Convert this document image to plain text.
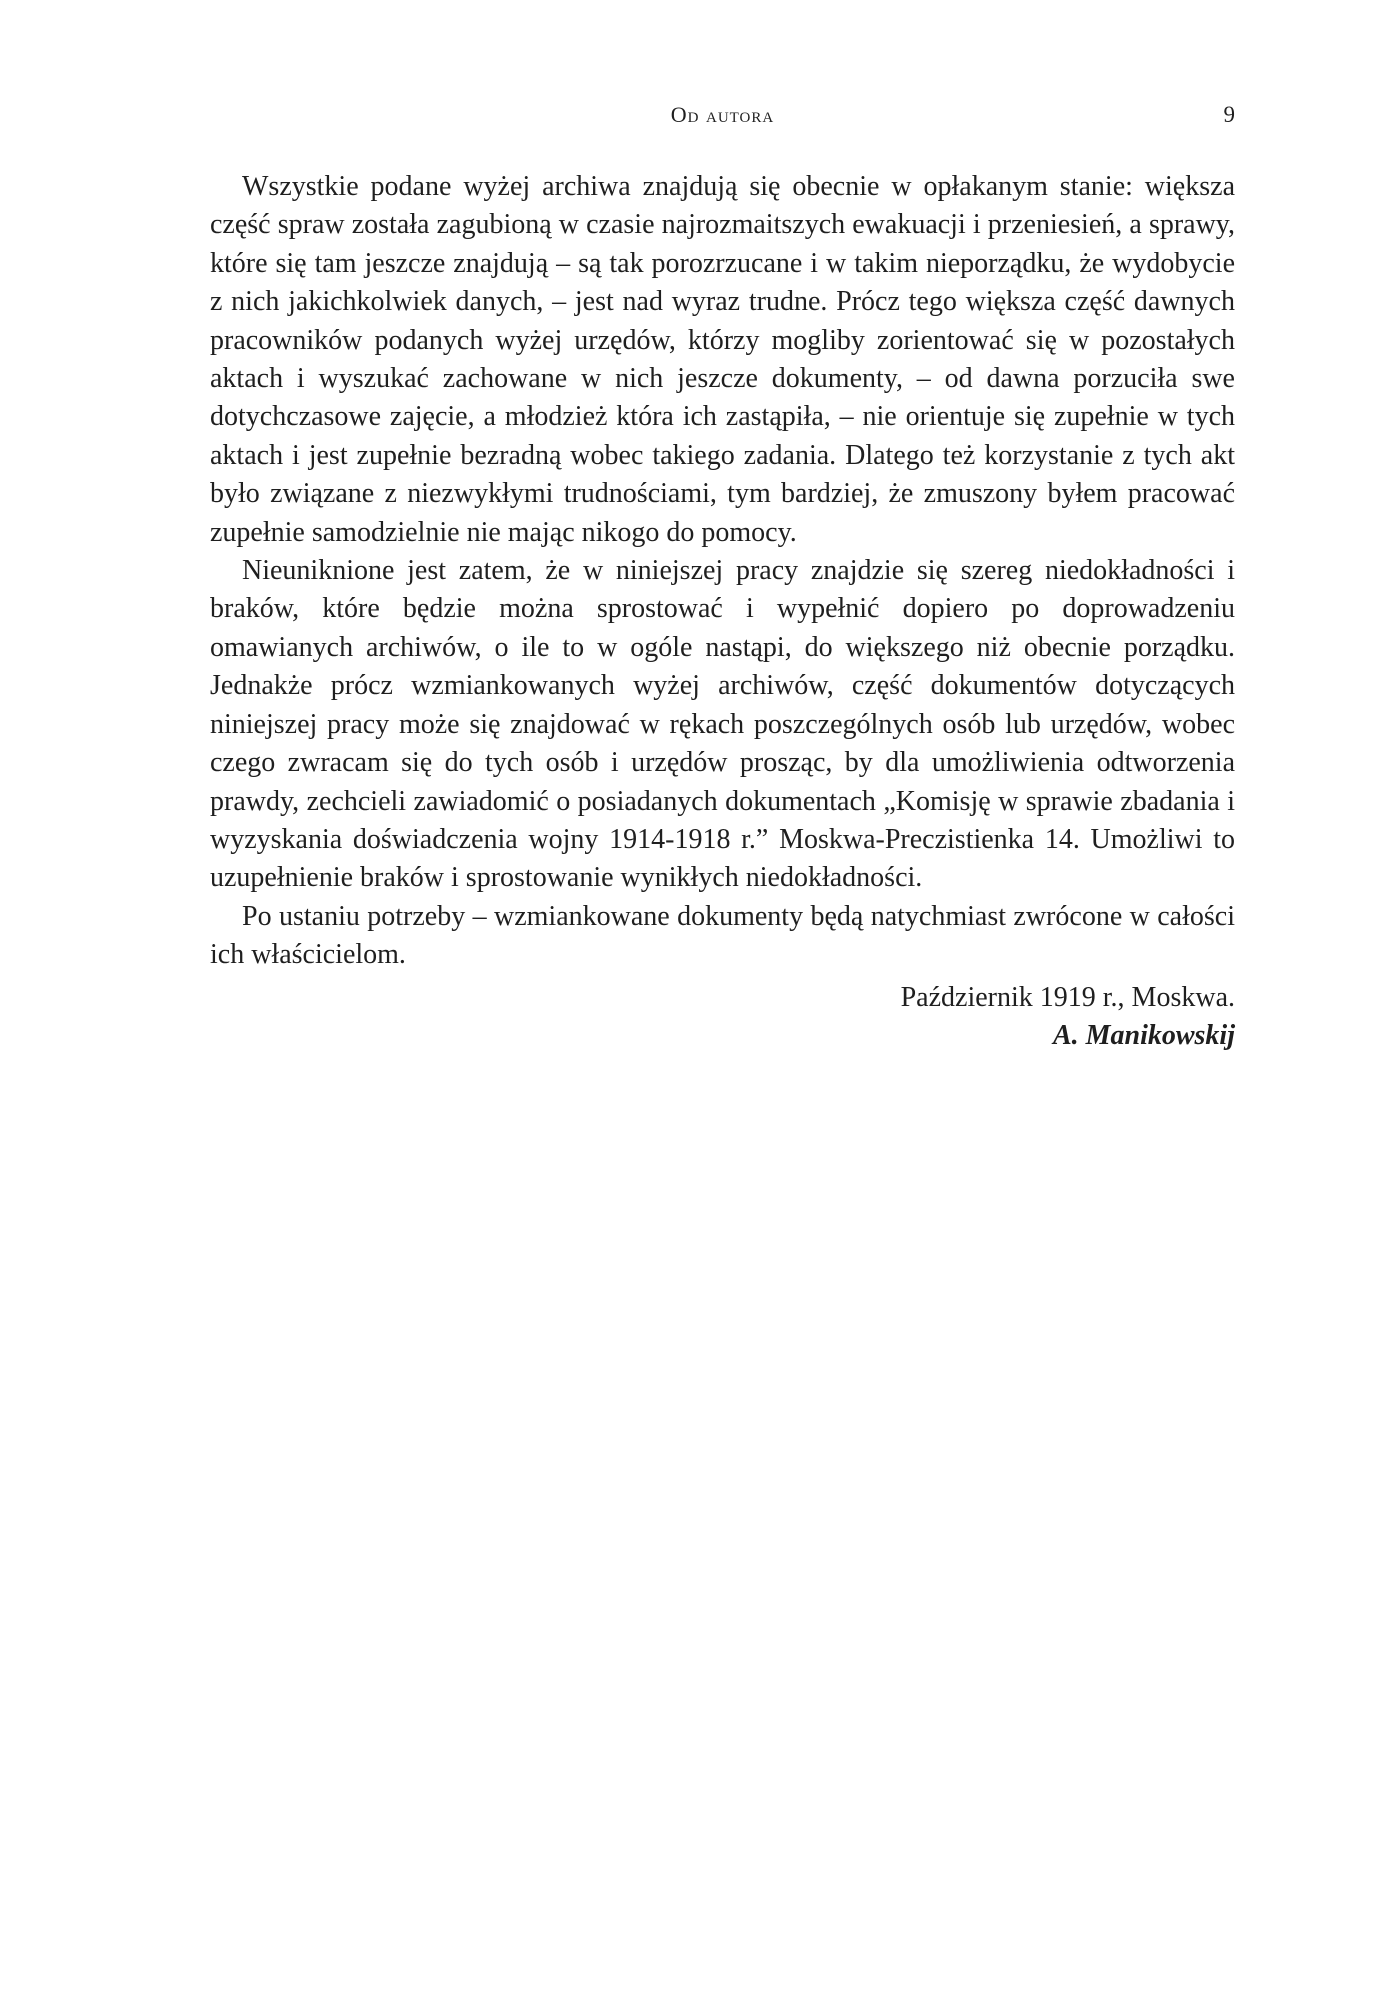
Od autora	9

Wszystkie podane wyżej archiwa znajdują się obecnie w opłakanym stanie: większa część spraw została zagubioną w czasie najrozmaitszych ewakuacji i przeniesień, a sprawy, które się tam jeszcze znajdują – są tak porozrzucane i w takim nieporządku, że wydobycie z nich jakichkolwiek danych, – jest nad wyraz trudne. Prócz tego większa część dawnych pracowników podanych wyżej urzędów, którzy mogliby zorientować się w pozostałych aktach i wyszukać zachowane w nich jeszcze dokumenty, – od dawna porzuciła swe dotychczasowe zajęcie, a młodzież która ich zastąpiła, – nie orientuje się zupełnie w tych aktach i jest zupełnie bezradną wobec takiego zadania. Dlatego też korzystanie z tych akt było związane z niezwykłymi trudnościami, tym bardziej, że zmuszony byłem pracować zupełnie samodzielnie nie mając nikogo do pomocy.

Nieuniknione jest zatem, że w niniejszej pracy znajdzie się szereg niedokładności i braków, które będzie można sprostować i wypełnić dopiero po doprowadzeniu omawianych archiwów, o ile to w ogóle nastąpi, do większego niż obecnie porządku. Jednakże prócz wzmiankowanych wyżej archiwów, część dokumentów dotyczących niniejszej pracy może się znajdować w rękach poszczególnych osób lub urzędów, wobec czego zwracam się do tych osób i urzędów prosząc, by dla umożliwienia odtworzenia prawdy, zechcieli zawiadomić o posiadanych dokumentach „Komisję w sprawie zbadania i wyzyskania doświadczenia wojny 1914-1918 r.” Moskwa-Preczistienka 14. Umożliwi to uzupełnienie braków i sprostowanie wynikłych niedokładności.

Po ustaniu potrzeby – wzmiankowane dokumenty będą natychmiast zwrócone w całości ich właścicielom.

Październik 1919 r., Moskwa.
A. Manikowskij
